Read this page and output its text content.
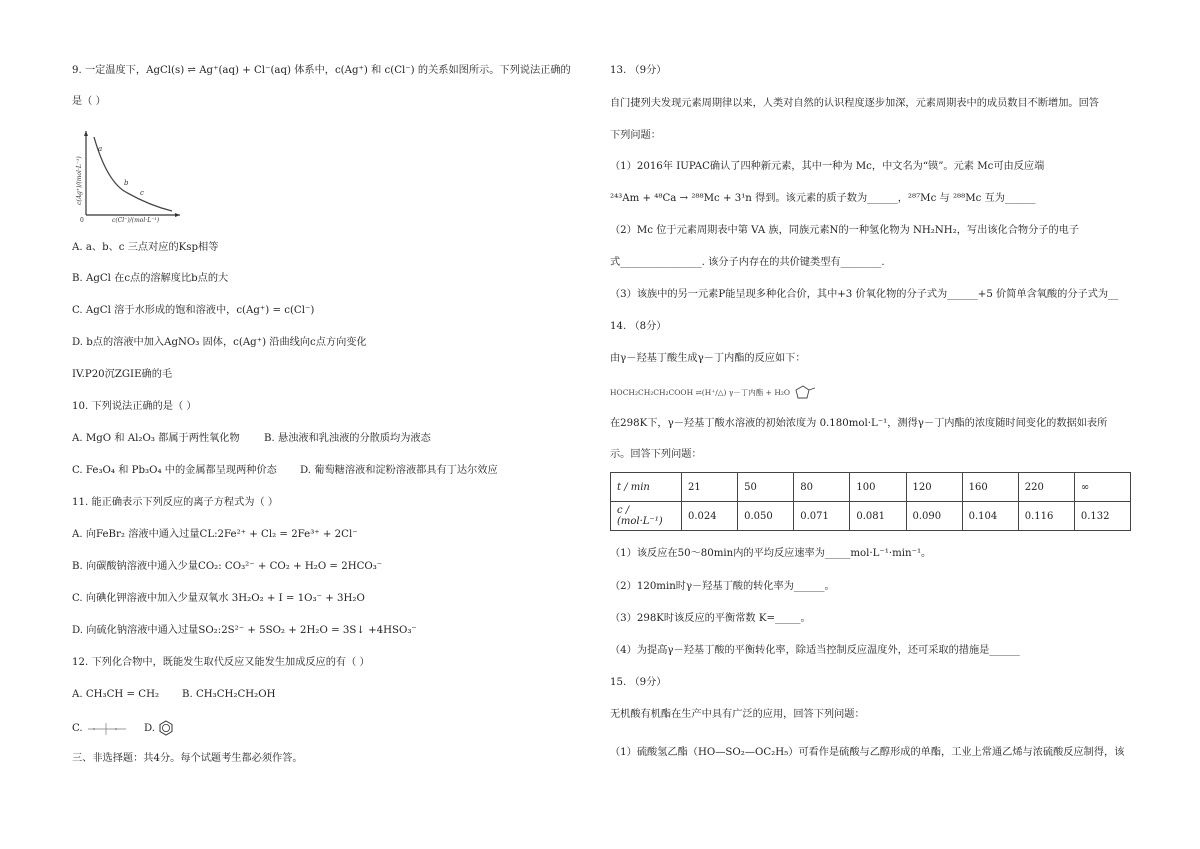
9. 一定温度下，AgCl(s) ⇌ Ag⁺(aq) + Cl⁻(aq) 体系中，c(Ag⁺) 和 c(Cl⁻) 的关系如图所示。下列说法正确的
是（ ）
a
b
c
0	c(Cl⁻)/(mol·L⁻¹)
c(Ag⁺)/(mol·L⁻¹)
A. a、b、c 三点对应的Ksp相等
B. AgCl 在c点的溶解度比b点的大
C. AgCl 溶于水形成的饱和溶液中，c(Ag⁺) = c(Cl⁻)
D. b点的溶液中加入AgNO₃ 固体，c(Ag⁺) 沿曲线向c点方向变化
IV.P20沉ZGIE确的毛
10. 下列说法正确的是（ ）
A. MgO 和 Al₂O₃ 都属于两性氧化物 B. 悬浊液和乳浊液的分散质均为液态
C. Fe₃O₄ 和 Pb₃O₄ 中的金属都呈现两种价态 D. 葡萄糖溶液和淀粉溶液都具有丁达尔效应
11. 能正确表示下列反应的离子方程式为（ ）
A. 向FeBr₂ 溶液中通入过量CL:2Fe²⁺ + Cl₂ = 2Fe³⁺ + 2Cl⁻
B. 向碳酸钠溶液中通入少量CO₂: CO₃²⁻ + CO₂ + H₂O = 2HCO₃⁻
C. 向碘化钾溶液中加入少量双氧水 3H₂O₂ + I = 1O₃⁻ + 3H₂O
D. 向硫化钠溶液中通入过量SO₂:2S²⁻ + 5SO₂ + 2H₂O = 3S↓ +4HSO₃⁻
12. 下列化合物中，既能发生取代反应又能发生加成反应的有（ ）
A. CH₃CH = CH₂ B. CH₃CH₂CH₂OH
C.	D.
三、非选择题：共4分。每个试题考生都必须作答。
13. （9分）
自门捷列夫发现元素周期律以来，人类对自然的认识程度逐步加深，元素周期表中的成员数目不断增加。回答
下列问题：
（1）2016年 IUPAC确认了四种新元素，其中一种为 Mc，中文名为“镆”。元素 Mc可由反应端
²⁴³Am + ⁴⁸Ca → ²⁸⁸Mc + 3¹n 得到。该元素的质子数为______，²⁸⁷Mc 与 ²⁸⁸Mc 互为______
（2）Mc 位于元素周期表中第 VA 族，同族元素N的一种氢化物为 NH₂NH₂，写出该化合物分子的电子
式________________. 该分子内存在的共价键类型有________.
（3）该族中的另一元素P能呈现多种化合价，其中+3 价氧化物的分子式为______+5 价简单含氧酸的分子式为__
14. （8分）
由γ－羟基丁酸生成γ－丁内酯的反应如下：
HOCH₂CH₂CH₂COOH ⇌(H⁺/△) γ－丁内酯 + H₂O
在298K下，γ－羟基丁酸水溶液的初始浓度为 0.180mol·L⁻¹，测得γ－丁内酯的浓度随时间变化的数据如表所
示。回答下列问题：
t / min	21	50	80	100	120	160	220	∞
c / (mol·L⁻¹)	0.024	0.050	0.071	0.081	0.090	0.104	0.116	0.132
（1）该反应在50～80min内的平均反应速率为_____mol·L⁻¹·min⁻¹。
（2）120min时γ－羟基丁酸的转化率为______。
（3）298K时该反应的平衡常数 K=_____。
（4）为提高γ－羟基丁酸的平衡转化率，除适当控制反应温度外，还可采取的措施是______
15. （9分）
无机酸有机酯在生产中具有广泛的应用，回答下列问题：
（1）硫酸氢乙酯（HO—SO₂—OC₂H₅）可看作是硫酸与乙醇形成的单酯，工业上常通乙烯与浓硫酸反应制得，该
